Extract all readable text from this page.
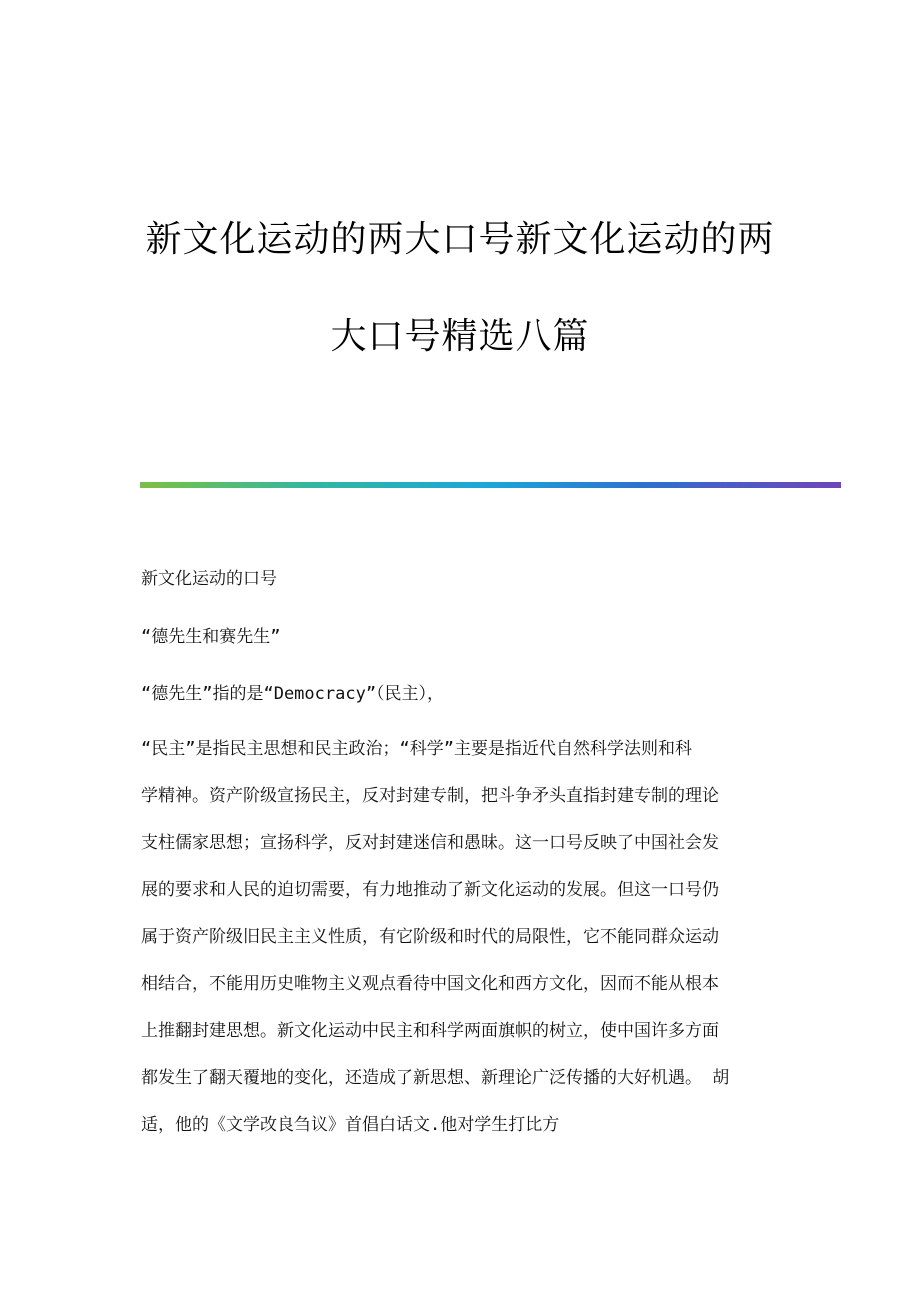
新文化运动的两大口号新文化运动的两
大口号精选八篇
新文化运动的口号
“德先生和赛先生”
“德先生”指的是“Democracy”（民主），
“民主”是指民主思想和民主政治；“科学”主要是指近代自然科学法则和科
学精神。资产阶级宣扬民主，反对封建专制，把斗争矛头直指封建专制的理论
支柱儒家思想；宣扬科学，反对封建迷信和愚昧。这一口号反映了中国社会发
展的要求和人民的迫切需要，有力地推动了新文化运动的发展。但这一口号仍
属于资产阶级旧民主主义性质，有它阶级和时代的局限性，它不能同群众运动
相结合，不能用历史唯物主义观点看待中国文化和西方文化，因而不能从根本
上推翻封建思想。新文化运动中民主和科学两面旗帜的树立，使中国许多方面
都发生了翻天覆地的变化，还造成了新思想、新理论广泛传播的大好机遇。 胡
适，他的《文学改良刍议》首倡白话文.他对学生打比方
